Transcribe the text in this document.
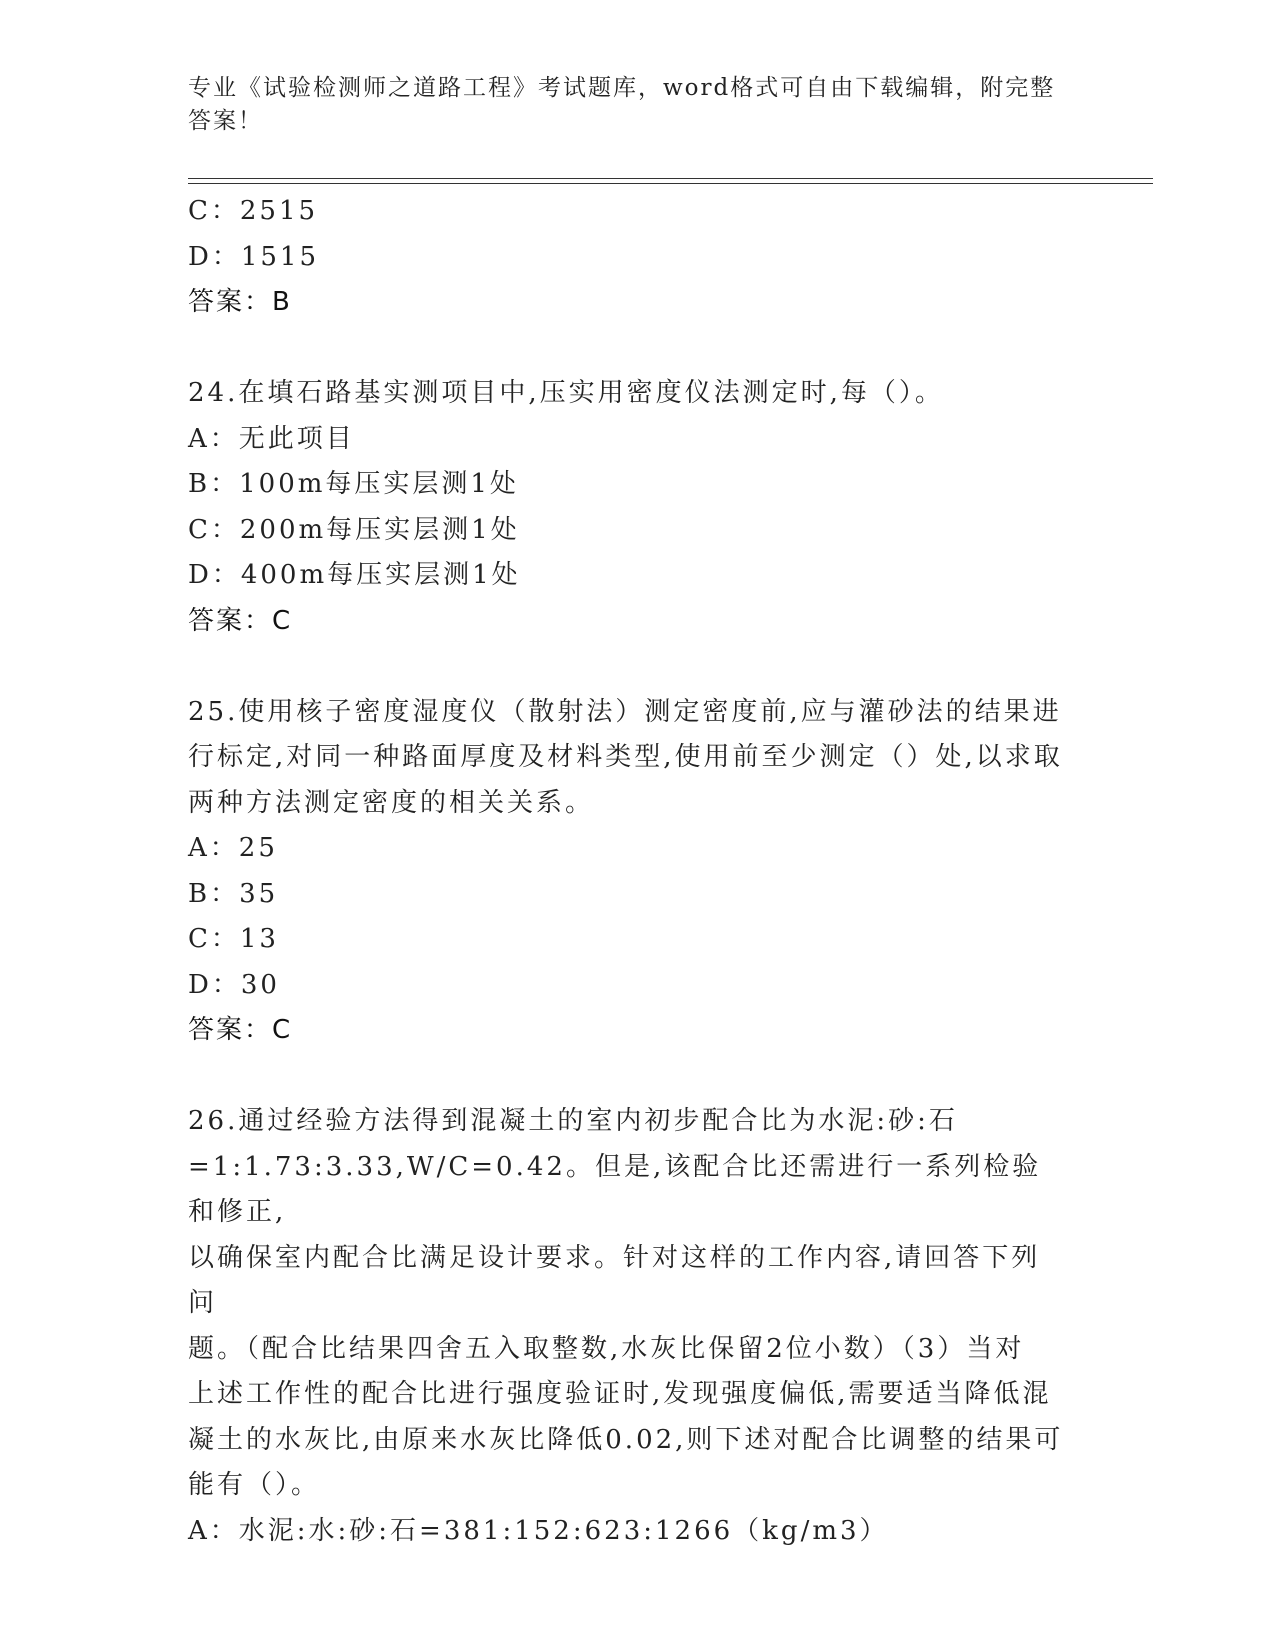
专业《试验检测师之道路工程》考试题库，word格式可自由下载编辑，附完整答案！
C：2515
D：1515
答案：B
24.在填石路基实测项目中,压实用密度仪法测定时,每（）。
A：无此项目
B：100m每压实层测1处
C：200m每压实层测1处
D：400m每压实层测1处
答案：C
25.使用核子密度湿度仪（散射法）测定密度前,应与灌砂法的结果进
行标定,对同一种路面厚度及材料类型,使用前至少测定（）处,以求取
两种方法测定密度的相关关系。
A：25
B：35
C：13
D：30
答案：C
26.通过经验方法得到混凝土的室内初步配合比为水泥:砂:石
=1:1.73:3.33,W/C=0.42。但是,该配合比还需进行一系列检验和修正,
以确保室内配合比满足设计要求。针对这样的工作内容,请回答下列问
题。（配合比结果四舍五入取整数,水灰比保留2位小数）（3）当对
上述工作性的配合比进行强度验证时,发现强度偏低,需要适当降低混
凝土的水灰比,由原来水灰比降低0.02,则下述对配合比调整的结果可
能有（）。
A：水泥:水:砂:石=381:152:623:1266（kg/m3）
